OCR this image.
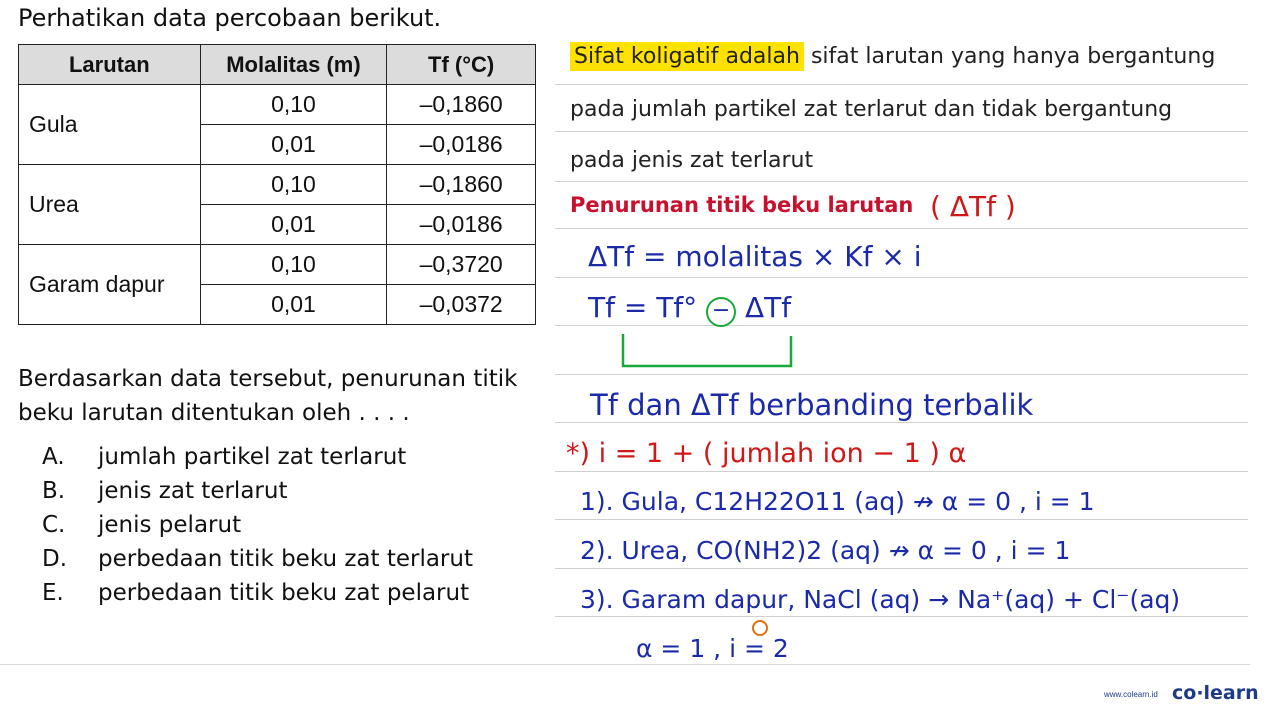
Perhatikan data percobaan berikut.
Larutan	Molalitas (m)	Tf (°C)
Gula	0,10	–0,1860
	0,01	–0,0186
Urea	0,10	–0,1860
	0,01	–0,0186
Garam dapur	0,10	–0,3720
	0,01	–0,0372
Berdasarkan data tersebut, penurunan titik
beku larutan ditentukan oleh . . . .
A.	jumlah partikel zat terlarut
B.	jenis zat terlarut
C.	jenis pelarut
D.	perbedaan titik beku zat terlarut
E.	perbedaan titik beku zat pelarut
Sifat koligatif adalah sifat larutan yang hanya bergantung
pada jumlah partikel zat terlarut dan tidak bergantung
pada jenis zat terlarut
Penurunan titik beku larutan ( ΔTf )
ΔTf = molalitas × Kf × i
Tf = Tf° − ΔTf
Tf dan ΔTf berbanding terbalik
*) i = 1 + ( jumlah ion − 1 ) α
1). Gula, C12H22O11 (aq) ↛ α = 0 , i = 1
2). Urea, CO(NH2)2 (aq) ↛ α = 0 , i = 1
3). Garam dapur, NaCl (aq) → Na⁺(aq) + Cl⁻(aq)
α = 1 , i = 2
www.colearn.id co·learn
